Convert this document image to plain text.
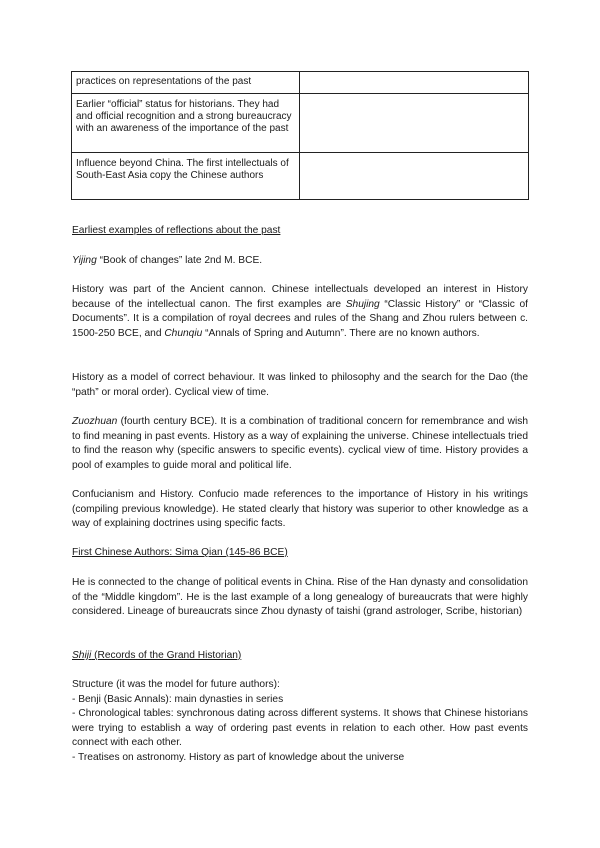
practices on representations of the past	
Earlier “official” status for historians. They had and official recognition and a strong bureaucracy with an awareness of the importance of the past	
Influence beyond China. The first intellectuals of South-East Asia copy the Chinese authors	
Earliest examples of reflections about the past
Yijing “Book of changes” late 2nd M. BCE.
History was part of the Ancient cannon. Chinese intellectuals developed an interest in History because of the intellectual canon. The first examples are Shujing “Classic History” or “Classic of Documents”. It is a compilation of royal decrees and rules of the Shang and Zhou rulers between c. 1500-250 BCE, and Chunqiu “Annals of Spring and Autumn”. There are no known authors.
History as a model of correct behaviour. It was linked to philosophy and the search for the Dao (the “path” or moral order). Cyclical view of time.
Zuozhuan (fourth century BCE). It is a combination of traditional concern for remembrance and wish to find meaning in past events. History as a way of explaining the universe. Chinese intellectuals tried to find the reason why (specific answers to specific events). cyclical view of time. History provides a pool of examples to guide moral and political life.
Confucianism and History. Confucio made references to the importance of History in his writings (compiling previous knowledge). He stated clearly that history was superior to other knowledge as a way of explaining doctrines using specific facts.
First Chinese Authors: Sima Qian (145-86 BCE)
He is connected to the change of political events in China. Rise of the Han dynasty and consolidation of the “Middle kingdom”. He is the last example of a long genealogy of bureaucrats that were highly considered. Lineage of bureaucrats since Zhou dynasty of taishi (grand astrologer, Scribe, historian)
Shiji (Records of the Grand Historian)
Structure (it was the model for future authors):
- Benji (Basic Annals): main dynasties in series
- Chronological tables: synchronous dating across different systems. It shows that Chinese historians were trying to establish a way of ordering past events in relation to each other. How past events connect with each other.
- Treatises on astronomy. History as part of knowledge about the universe
